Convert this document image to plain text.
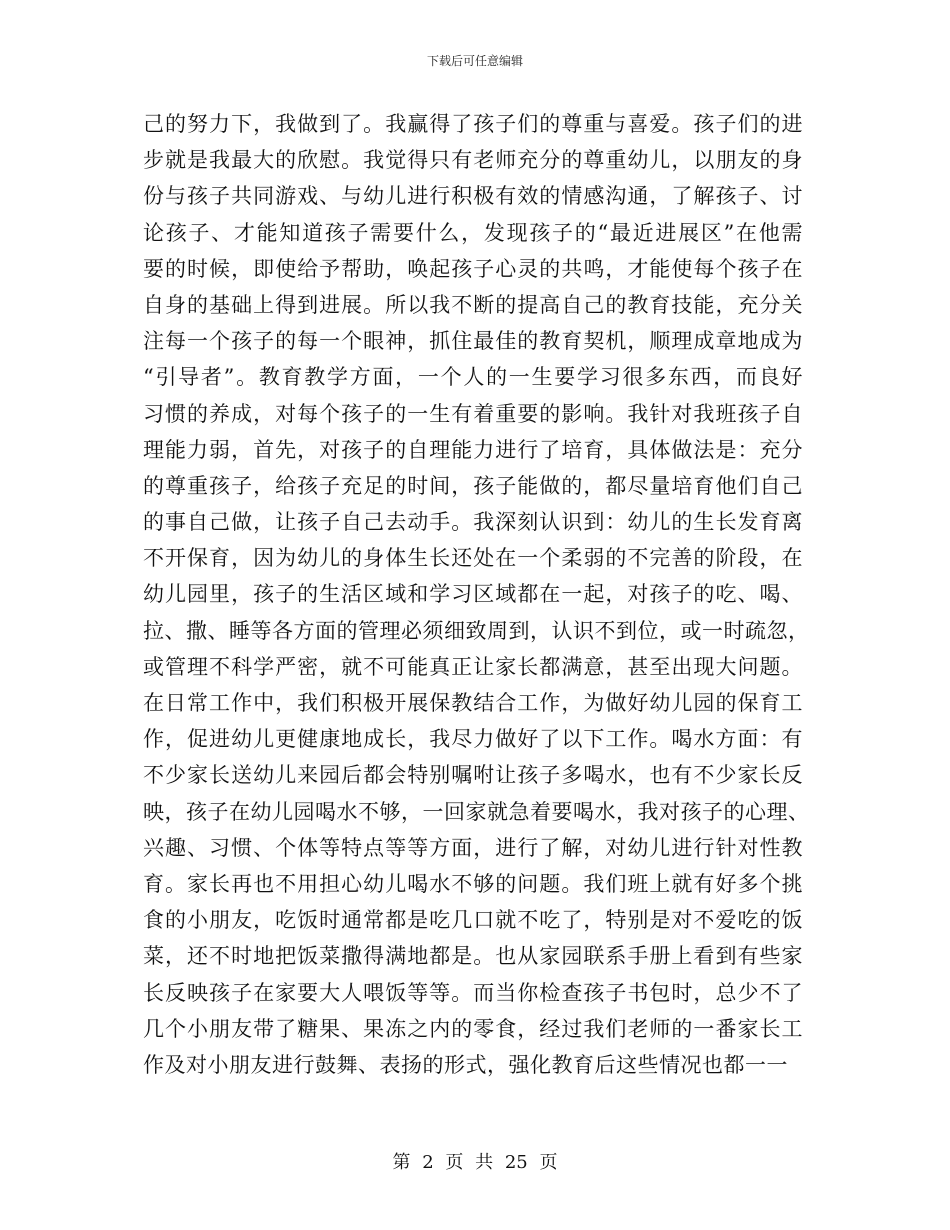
下载后可任意编辑
己的努力下，我做到了。我赢得了孩子们的尊重与喜爱。孩子们的进
步就是我最大的欣慰。我觉得只有老师充分的尊重幼儿，以朋友的身
份与孩子共同游戏、与幼儿进行积极有效的情感沟通，了解孩子、讨
论孩子、才能知道孩子需要什么，发现孩子的“最近进展区”在他需
要的时候，即使给予帮助，唤起孩子心灵的共鸣，才能使每个孩子在
自身的基础上得到进展。所以我不断的提高自己的教育技能，充分关
注每一个孩子的每一个眼神，抓住最佳的教育契机，顺理成章地成为
“引导者”。教育教学方面，一个人的一生要学习很多东西，而良好
习惯的养成，对每个孩子的一生有着重要的影响。我针对我班孩子自
理能力弱，首先，对孩子的自理能力进行了培育，具体做法是：充分
的尊重孩子，给孩子充足的时间，孩子能做的，都尽量培育他们自己
的事自己做，让孩子自己去动手。我深刻认识到：幼儿的生长发育离
不开保育，因为幼儿的身体生长还处在一个柔弱的不完善的阶段，在
幼儿园里，孩子的生活区域和学习区域都在一起，对孩子的吃、喝、
拉、撒、睡等各方面的管理必须细致周到，认识不到位，或一时疏忽，
或管理不科学严密，就不可能真正让家长都满意，甚至出现大问题。
在日常工作中，我们积极开展保教结合工作，为做好幼儿园的保育工
作，促进幼儿更健康地成长，我尽力做好了以下工作。喝水方面：有
不少家长送幼儿来园后都会特别嘱咐让孩子多喝水，也有不少家长反
映，孩子在幼儿园喝水不够，一回家就急着要喝水，我对孩子的心理、
兴趣、习惯、个体等特点等等方面，进行了解，对幼儿进行针对性教
育。家长再也不用担心幼儿喝水不够的问题。我们班上就有好多个挑
食的小朋友，吃饭时通常都是吃几口就不吃了，特别是对不爱吃的饭
菜，还不时地把饭菜撒得满地都是。也从家园联系手册上看到有些家
长反映孩子在家要大人喂饭等等。而当你检查孩子书包时，总少不了
几个小朋友带了糖果、果冻之内的零食，经过我们老师的一番家长工
作及对小朋友进行鼓舞、表扬的形式，强化教育后这些情况也都一一
第 2 页 共 25 页
